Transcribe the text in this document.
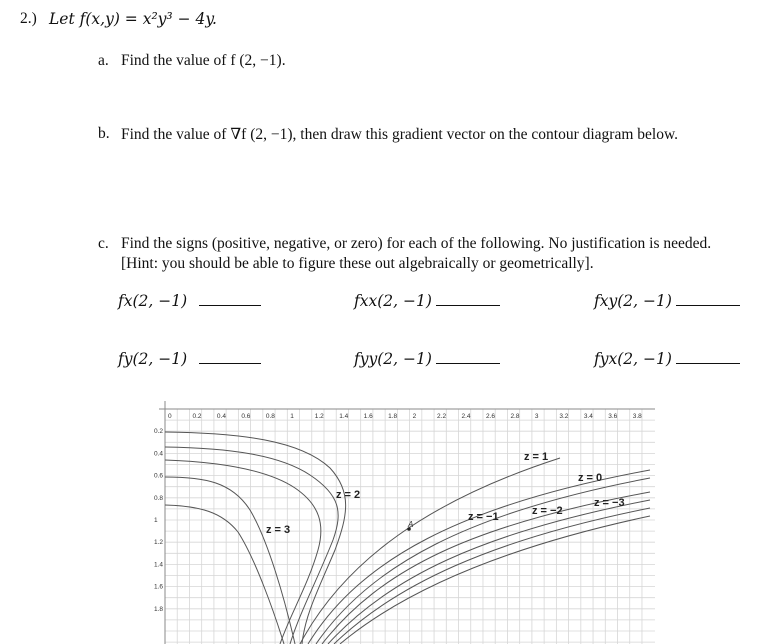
2.) Let f(x,y) = x²y³ − 4y.
a. Find the value of f (2, −1).
b. Find the value of ∇f (2, −1), then draw this gradient vector on the contour diagram below.
c. Find the signs (positive, negative, or zero) for each of the following. No justification is needed.
[Hint: you should be able to figure these out algebraically or geometrically].
fx(2, −1)	fxx(2, −1)	fxy(2, −1)
fy(2, −1)	fyy(2, −1)	fyx(2, −1)
0	0.2 0.4 0.6 0.8 1	1.2 1.4 1.6 1.8 2	2.2 2.4 2.6 2.8 3	3.2 3.4 3.6 3.8
0.2
0.4
0.6
0.8
1
1.2
1.4
1.6
1.8
A
z = 3
z = 2
z = 1
z = 0
z = −1	z = −2
z = −3
